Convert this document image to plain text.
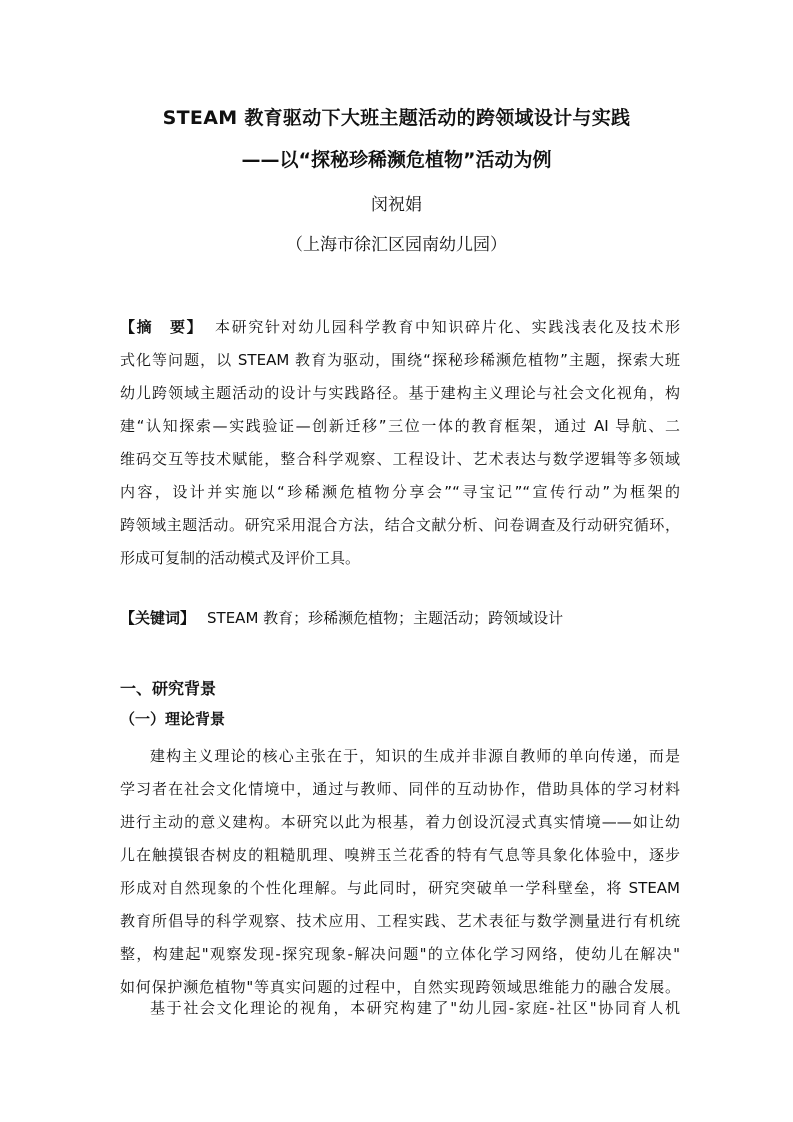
STEAM 教育驱动下大班主题活动的跨领域设计与实践
——以“探秘珍稀濒危植物”活动为例
闵祝娟
（上海市徐汇区园南幼儿园）
【摘　要】 本研究针对幼儿园科学教育中知识碎片化、实践浅表化及技术形
式化等问题，以 STEAM 教育为驱动，围绕“探秘珍稀濒危植物”主题，探索大班
幼儿跨领域主题活动的设计与实践路径。基于建构主义理论与社会文化视角，构
建“认知探索—实践验证—创新迁移”三位一体的教育框架，通过 AI 导航、二
维码交互等技术赋能，整合科学观察、工程设计、艺术表达与数学逻辑等多领域
内容，设计并实施以“珍稀濒危植物分享会”“寻宝记”“宣传行动”为框架的
跨领域主题活动。研究采用混合方法，结合文献分析、问卷调查及行动研究循环，
形成可复制的活动模式及评价工具。
【关键词】 STEAM 教育；珍稀濒危植物；主题活动；跨领域设计
一、研究背景
（一）理论背景
建构主义理论的核心主张在于，知识的生成并非源自教师的单向传递，而是
学习者在社会文化情境中，通过与教师、同伴的互动协作，借助具体的学习材料
进行主动的意义建构。本研究以此为根基，着力创设沉浸式真实情境——如让幼
儿在触摸银杏树皮的粗糙肌理、嗅辨玉兰花香的特有气息等具象化体验中，逐步
形成对自然现象的个性化理解。与此同时，研究突破单一学科壁垒，将 STEAM
教育所倡导的科学观察、技术应用、工程实践、艺术表征与数学测量进行有机统
整，构建起"观察发现-探究现象-解决问题"的立体化学习网络，使幼儿在解决"
如何保护濒危植物"等真实问题的过程中，自然实现跨领域思维能力的融合发展。
基于社会文化理论的视角，本研究构建了"幼儿园-家庭-社区"协同育人机
